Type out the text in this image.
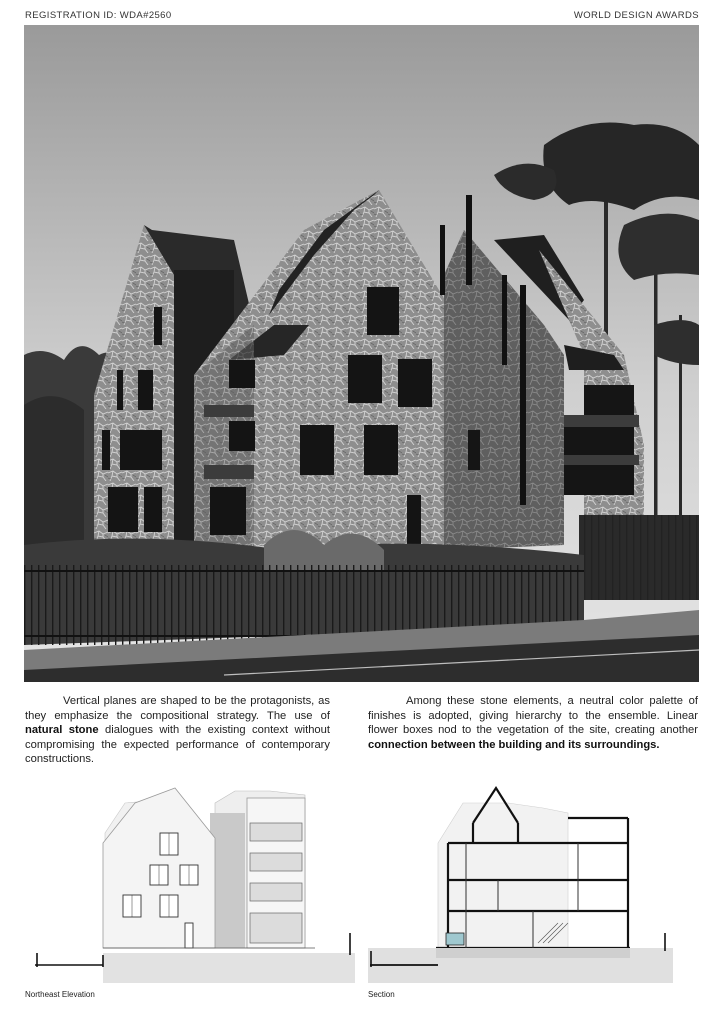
REGISTRATION ID: WDA#2560	WORLD DESIGN AWARDS

Vertical planes are shaped to be the protagonists, as they emphasize the compositional strategy. The use of natural stone dialogues with the existing context without compromising the expected performance of contemporary constructions.

Among these stone elements, a neutral color palette of finishes is adopted, giving hierarchy to the ensemble. Linear flower boxes nod to the vegetation of the site, creating another connection between the building and its surroundings.

Northeast Elevation	Section
